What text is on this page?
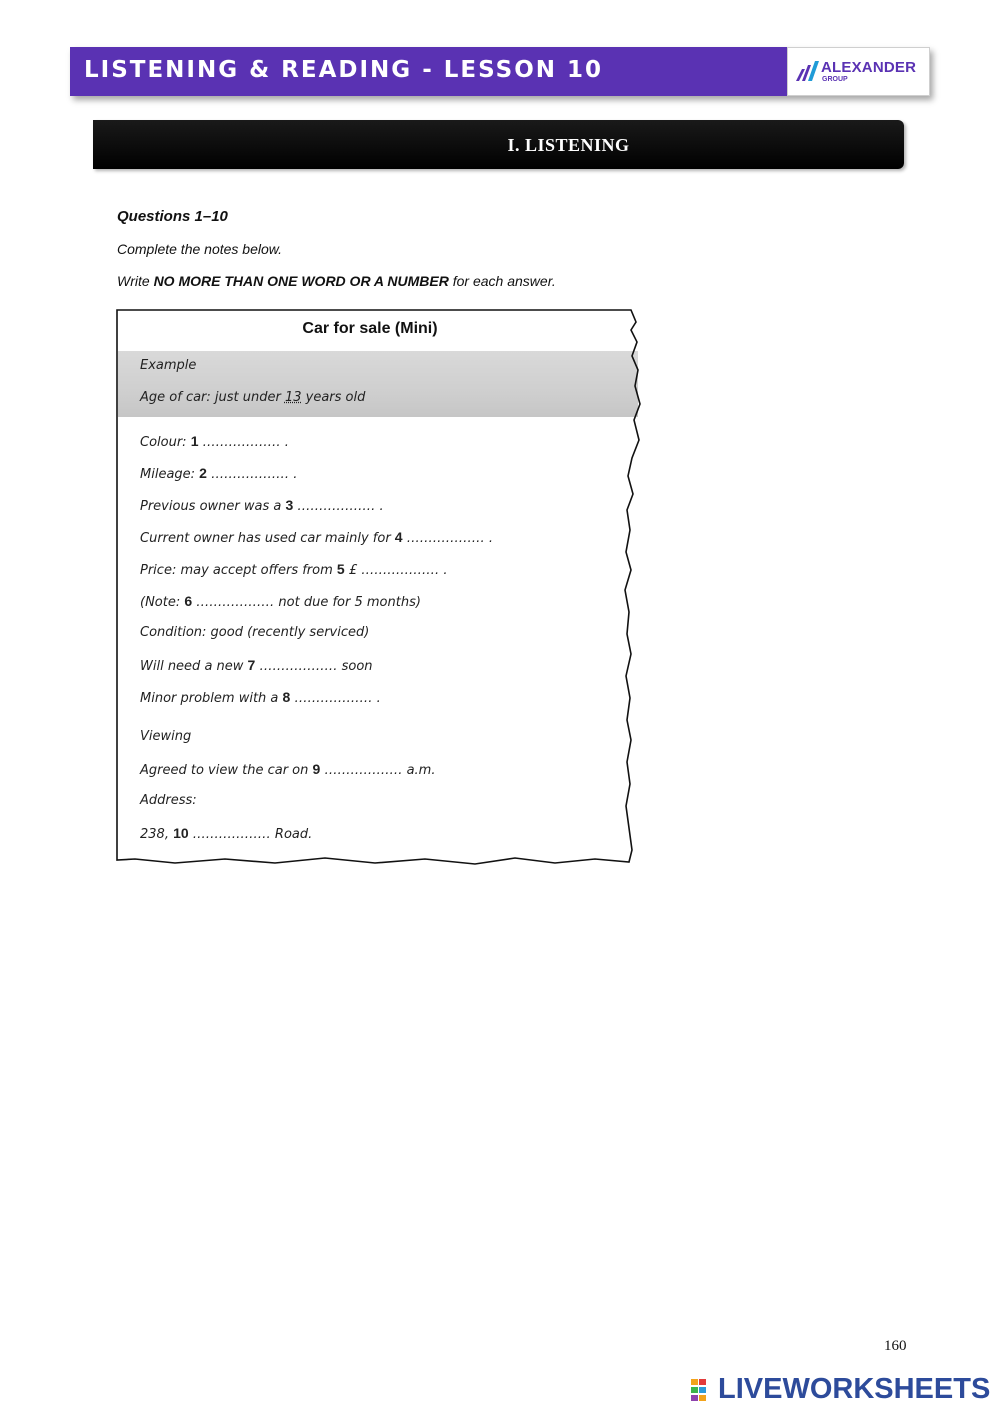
LISTENING & READING - LESSON 10	ALEXANDER
GROUP
I. LISTENING
Questions 1–10
Complete the notes below.
Write NO MORE THAN ONE WORD OR A NUMBER for each answer.
Car for sale (Mini)
Example
Age of car: just under 13 years old
Colour: 1 ……………… .
Mileage: 2 ……………… .
Previous owner was a 3 ……………… .
Current owner has used car mainly for 4 ……………… .
Price: may accept offers from 5 £ ……………… .
(Note: 6 ……………… not due for 5 months)
Condition: good (recently serviced)
Will need a new 7 ……………… soon
Minor problem with a 8 ……………… .
Viewing
Agreed to view the car on 9 ……………… a.m.
Address:
238, 10 ……………… Road.
160
LIVEWORKSHEETS
